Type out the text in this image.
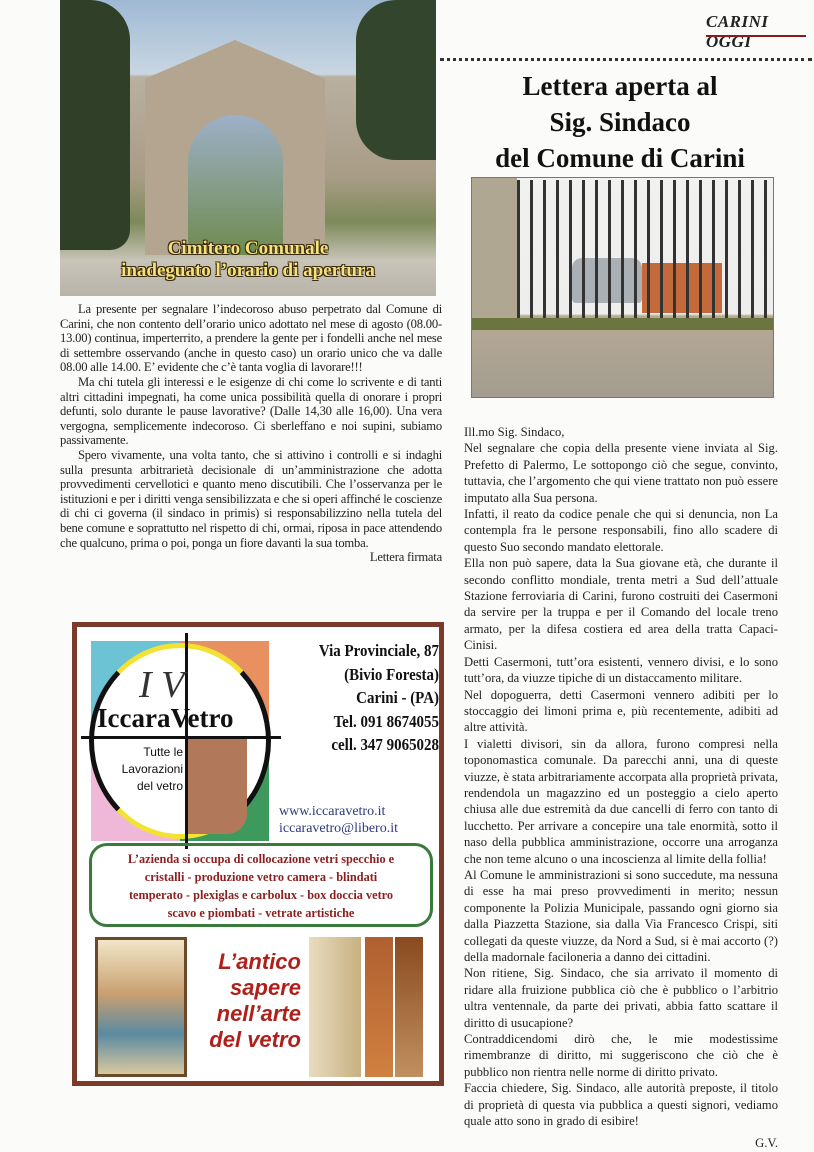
Cimitero Comunale
inadeguato l’orario di apertura

La presente per segnalare l’indecoroso abuso perpetrato dal Comune di Carini, che non contento dell’orario unico adottato nel mese di agosto (08.00-13.00) continua, imperterrito, a prendere la gente per i fondelli anche nel mese di settembre osservando (anche in questo caso) un orario unico che va dalle 08.00 alle 14.00. E’ evidente che c’è tanta voglia di lavorare!!!

Ma chi tutela gli interessi e le esigenze di chi come lo scrivente e di tanti altri cittadini impegnati, ha come unica possibilità quella di onorare i propri defunti, solo durante le pause lavorative? (Dalle 14,30 alle 16,00). Una vera vergogna, semplicemente indecoroso. Ci sberleffano e noi supini, subiamo passivamente.

Spero vivamente, una volta tanto, che si attivino i controlli e si indaghi sulla presunta arbitrarietà decisionale di un’amministrazione che adotta provvedimenti cervellotici e quanto meno discutibili. Che l’osservanza per le istituzioni e per i diritti venga sensibilizzata e che si operi affinché le coscienze di chi ci governa (il sindaco in primis) si responsabilizzino nella tutela del bene comune e soprattutto nel rispetto di chi, ormai, riposa in pace attendendo che qualcuno, prima o poi, ponga un fiore davanti la sua tomba.

Lettera firmata

CARINI OGGI
Lettera aperta al
Sig. Sindaco
del Comune di Carini

Ill.mo Sig. Sindaco,

Nel segnalare che copia della presente viene inviata al Sig. Prefetto di Palermo, Le sottopongo ciò che segue, convinto, tuttavia, che l’argomento che qui viene trattato non può essere imputato alla Sua persona.

Infatti, il reato da codice penale che qui si denuncia, non La contempla fra le persone responsabili, fino allo scadere di questo Suo secondo mandato elettorale.

Ella non può sapere, data la Sua giovane età, che durante il secondo conflitto mondiale, trenta metri a Sud dell’attuale Stazione ferroviaria di Carini, furono costruiti dei Casermoni da servire per la truppa e per il Comando del locale treno armato, per la difesa costiera ed area della tratta Capaci-Cinisi.

Detti Casermoni, tutt’ora esistenti, vennero divisi, e lo sono tutt’ora, da viuzze tipiche di un distaccamento militare.

Nel dopoguerra, detti Casermoni vennero adibiti per lo stoccaggio dei limoni prima e, più recentemente, adibiti ad altre attività.

I vialetti divisori, sin da allora, furono compresi nella toponomastica comunale. Da parecchi anni, una di queste viuzze, è stata arbitrariamente accorpata alla proprietà privata, rendendola un magazzino ed un posteggio a cielo aperto chiusa alle due estremità da due cancelli di ferro con tanto di lucchetto. Per arrivare a concepire una tale enormità, sotto il naso della pubblica amministrazione, occorre una arroganza che non teme alcuno o una incoscienza al limite della follia!

Al Comune le amministrazioni si sono succedute, ma nessuna di esse ha mai preso provvedimenti in merito; nessun componente la Polizia Municipale, passando ogni giorno sia dalla Piazzetta Stazione, sia dalla Via Francesco Crispi, siti collegati da queste viuzze, da Nord a Sud, si è mai accorto (?) della madornale faciloneria a danno dei cittadini.

Non ritiene, Sig. Sindaco, che sia arrivato il momento di ridare alla fruizione pubblica ciò che è pubblico o l’arbitrio ultra ventennale, da parte dei privati, abbia fatto scattare il diritto di usucapione?

Contraddicendomi dirò che, le mie modestissime rimembranze di diritto, mi suggeriscono che ciò che è pubblico non rientra nelle norme di diritto privato.

Faccia chiedere, Sig. Sindaco, alle autorità preposte, il titolo di proprietà di questa via pubblica a questi signori, vediamo quale atto sono in grado di esibire!

G.V.

I V
IccaraVetro
Tutte le
Lavorazioni
del vetro
Via Provinciale, 87
(Bivio Foresta)
Carini - (PA)
Tel. 091 8674055
cell. 347 9065028
www.iccaravetro.it
iccaravetro@libero.it
L’azienda si occupa di collocazione vetri specchio e
cristalli - produzione vetro camera - blindati
temperato - plexiglas e carbolux - box doccia vetro
scavo e piombati - vetrate artistiche
L’antico
sapere
nell’arte
del vetro
